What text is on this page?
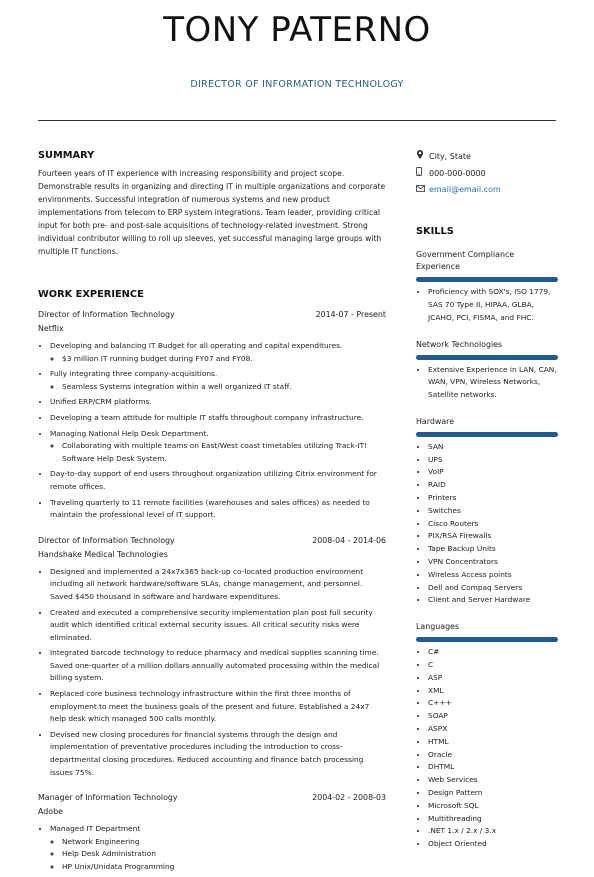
TONY PATERNO
DIRECTOR OF INFORMATION TECHNOLOGY
SUMMARY
Fourteen years of IT experience with increasing responsibility and project scope. Demonstrable results in organizing and directing IT in multiple organizations and corporate environments. Successful integration of numerous systems and new product implementations from telecom to ERP system integrations. Team leader, providing critical input for both pre- and post-sale acquisitions of technology-related investment. Strong individual contributor willing to roll up sleeves, yet successful managing large groups with multiple IT functions.
WORK EXPERIENCE
Director of Information Technology	2014-07 - Present
Netflix
• Developing and balancing IT Budget for all operating and capital expenditures.
◦ $3 million IT running budget during FY07 and FY08.
• Fully integrating three company-acquisitions.
◦ Seamless Systems integration within a well organized IT staff.
• Unified ERP/CRM platforms.
• Developing a team attitude for multiple IT staffs throughout company infrastructure.
• Managing National Help Desk Department.
◦ Collaborating with multiple teams on East/West coast timetables utilizing Track-IT! Software Help Desk System.
• Day-to-day support of end users throughout organization utilizing Citrix environment for remote offices.
• Traveling quarterly to 11 remote facilities (warehouses and sales offices) as needed to maintain the professional level of IT support.
Director of Information Technology	2008-04 - 2014-06
Handshake Medical Technologies
• Designed and implemented a 24x7x365 back-up co-located production environment including all network hardware/software SLAs, change management, and personnel. Saved $450 thousand in software and hardware expenditures.
• Created and executed a comprehensive security implementation plan post full security audit which identified critical external security issues. All critical security risks were eliminated.
• Integrated barcode technology to reduce pharmacy and medical supplies scanning time. Saved one-quarter of a million dollars annually automated processing within the medical billing system.
• Replaced core business technology infrastructure within the first three months of employment to meet the business goals of the present and future. Established a 24x7 help desk which managed 500 calls monthly.
• Devised new closing procedures for financial systems through the design and implementation of preventative procedures including the introduction to cross-departmental closing procedures. Reduced accounting and finance batch processing issues 75%.
Manager of Information Technology	2004-02 - 2008-03
Adobe
• Managed IT Department
◦ Network Engineering
◦ Help Desk Administration
◦ HP Unix/Unidata Programming
City, State
000-000-0000
email@email.com
SKILLS
Government Compliance Experience
• Proficiency with SOX's, ISO 1779, SAS 70 Type II, HIPAA, GLBA, JCAHO, PCI, FISMA, and FHC.
Network Technologies
• Extensive Experience in LAN, CAN, WAN, VPN, Wireless Networks, Satellite networks.
Hardware
• SAN
• UPS
• VoIP
• RAID
• Printers
• Switches
• Cisco Routers
• PIX/RSA Firewalls
• Tape Backup Units
• VPN Concentrators
• Wireless Access points
• Dell and Compaq Servers
• Client and Server Hardware
Languages
• C#
• C
• ASP
• XML
• C+++
• SOAP
• ASPX
• HTML
• Oracle
• DHTML
• Web Services
• Design Pattern
• Microsoft SQL
• Multithreading
• .NET 1.x / 2.x / 3.x
• Object Oriented
